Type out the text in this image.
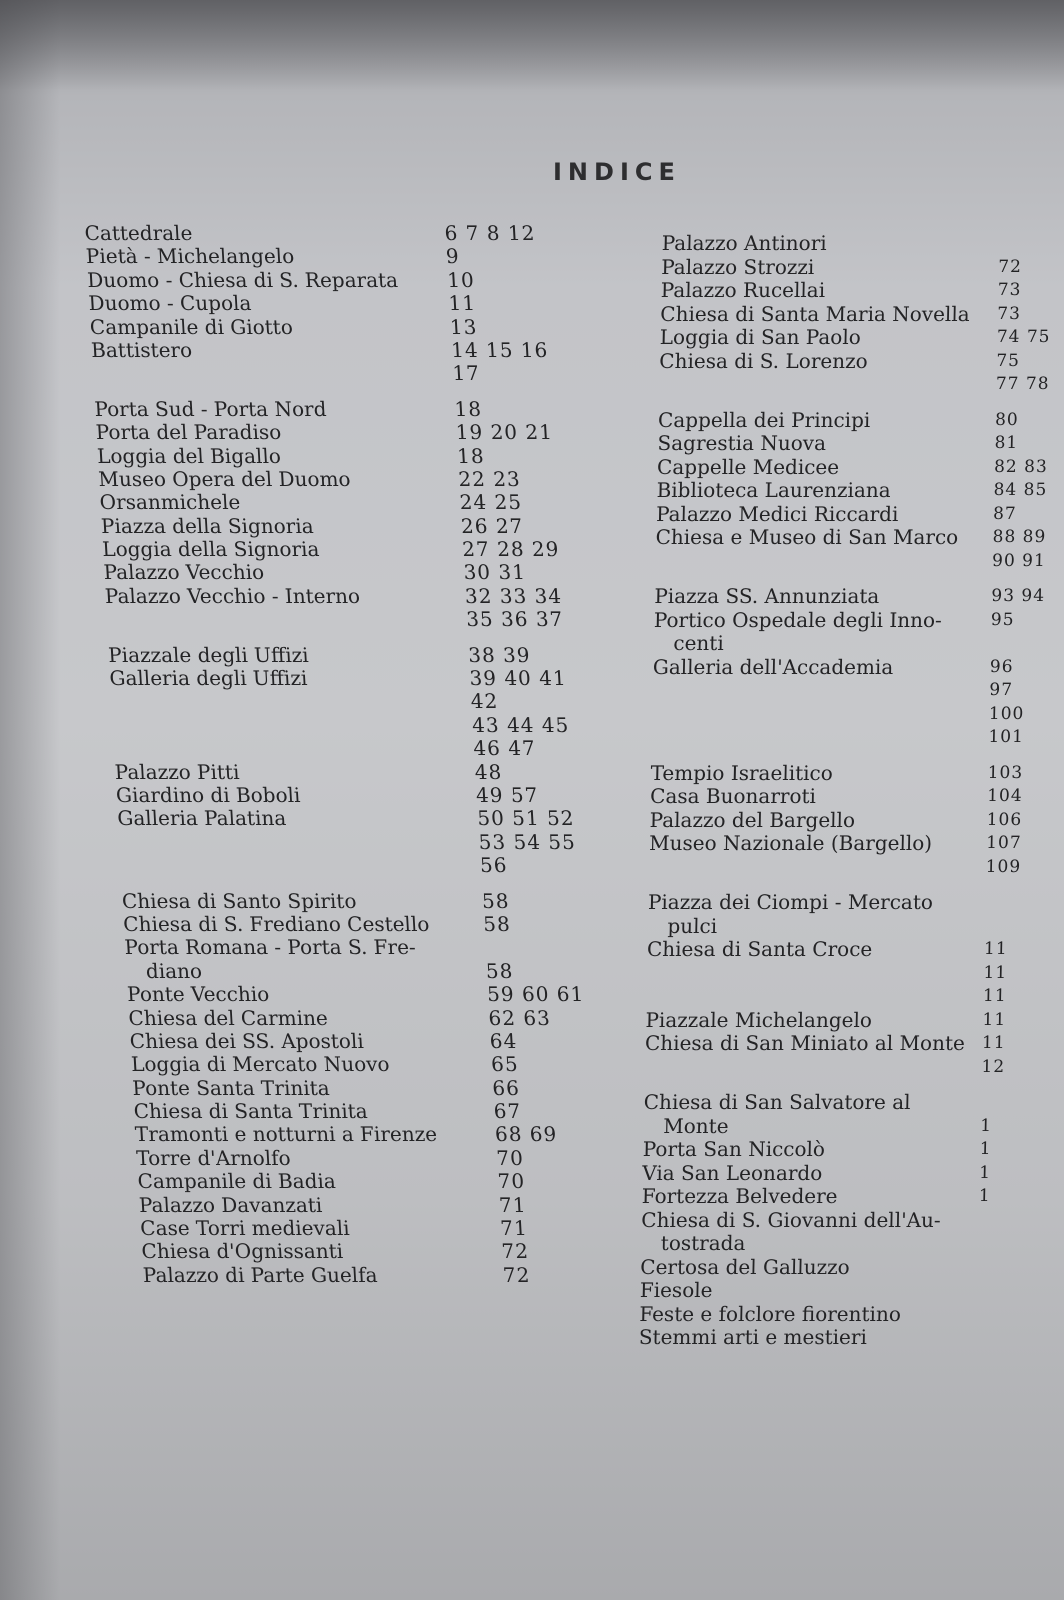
INDICE
Cattedrale	6 7 8 12
Pietà - Michelangelo	9
Duomo - Chiesa di S. Reparata 10
Duomo - Cupola	11
Campanile di Giotto	13
Battistero	14 15 16
17
Porta Sud - Porta Nord	18
Porta del Paradiso	19 20 21
Loggia del Bigallo	18
Museo Opera del Duomo	22 23
Orsanmichele	24 25
Piazza della Signoria	26 27
Loggia della Signoria	27 28 29
Palazzo Vecchio	30 31
Palazzo Vecchio - Interno	32 33 34
35 36 37
Piazzale degli Uffizi	38 39
Galleria degli Uffizi	39 40 41
42
43 44 45
46 47
Palazzo Pitti	48
Giardino di Boboli	49 57
Galleria Palatina	50 51 52
53 54 55
56
Chiesa di Santo Spirito	58
Chiesa di S. Frediano Cestello	58
Porta Romana - Porta S. Fre-
diano	58
Ponte Vecchio	59 60 61
Chiesa del Carmine	62 63
Chiesa dei SS. Apostoli	64
Loggia di Mercato Nuovo	65
Ponte Santa Trinita	66
Chiesa di Santa Trinita	67
Tramonti e notturni a Firenze	68 69
Torre d'Arnolfo	70
Campanile di Badia	70
Palazzo Davanzati	71
Case Torri medievali	71
Chiesa d'Ognissanti	72
Palazzo di Parte Guelfa	72
Palazzo Antinori
Palazzo Strozzi	72
Palazzo Rucellai	73
Chiesa di Santa Maria Novella 73
Loggia di San Paolo	74 75
Chiesa di S. Lorenzo	75
77 78
Cappella dei Principi	80
Sagrestia Nuova	81
Cappelle Medicee	82 83
Biblioteca Laurenziana	84 85
Palazzo Medici Riccardi	87
Chiesa e Museo di San Marco 88 89
90 91
Piazza SS. Annunziata	93 94
Portico Ospedale degli Inno-	95
centi
Galleria dell'Accademia	96
97
100
101
Tempio Israelitico	103
Casa Buonarroti	104
Palazzo del Bargello	106
Museo Nazionale (Bargello)	107
109
Piazza dei Ciompi - Mercato
pulci
Chiesa di Santa Croce	11
11
11
Piazzale Michelangelo	11
Chiesa di San Miniato al Monte 11
12
Chiesa di San Salvatore al
Monte	1
Porta San Niccolò	1
Via San Leonardo	1
Fortezza Belvedere	1
Chiesa di S. Giovanni dell'Au-
tostrada
Certosa del Galluzzo
Fiesole
Feste e folclore fiorentino
Stemmi arti e mestieri
